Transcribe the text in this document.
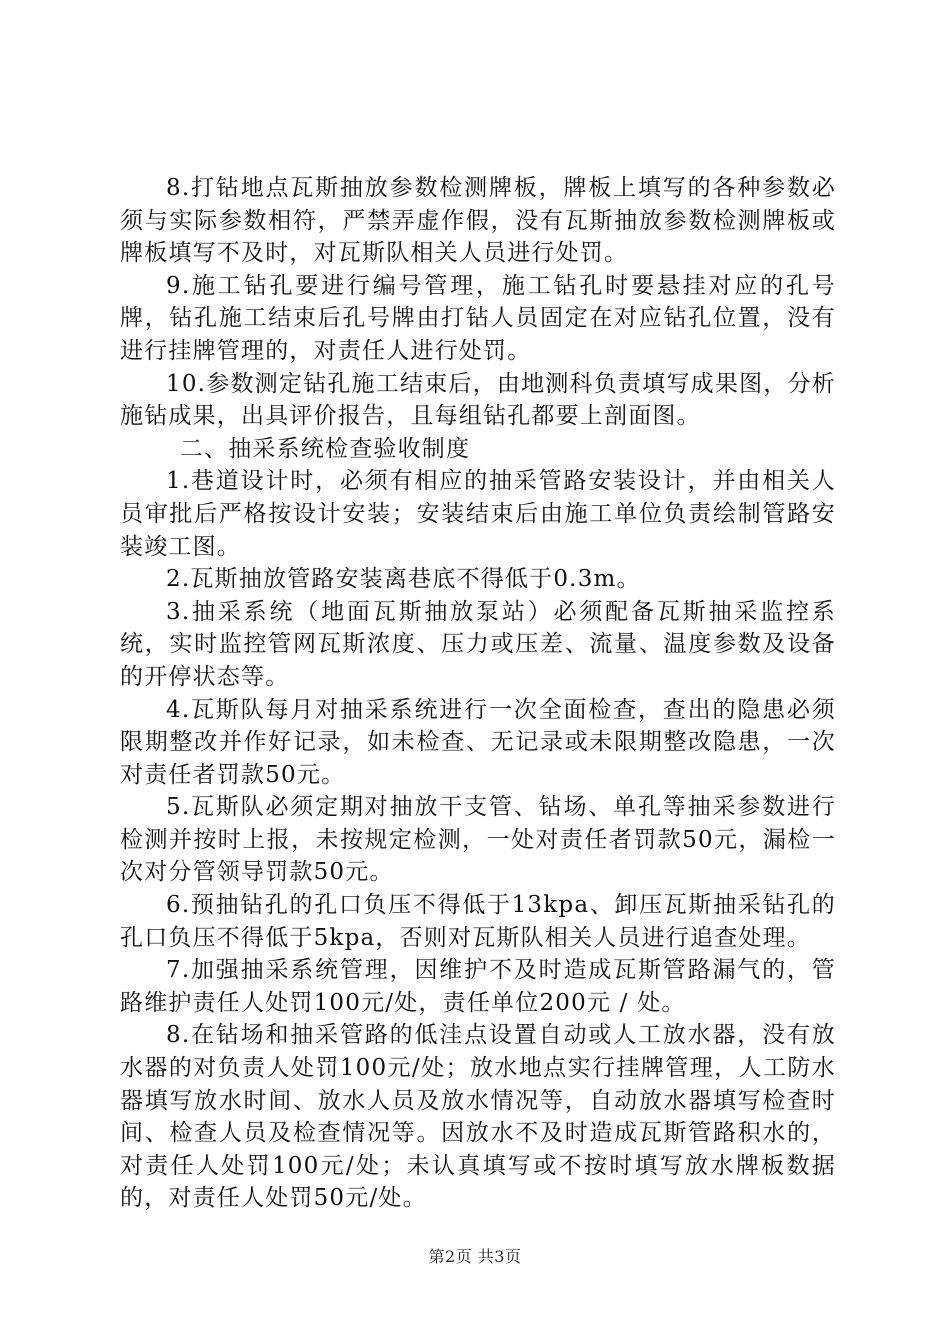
8.打钻地点瓦斯抽放参数检测牌板，牌板上填写的各种参数必须与实际参数相符，严禁弄虚作假，没有瓦斯抽放参数检测牌板或牌板填写不及时，对瓦斯队相关人员进行处罚。

9.施工钻孔要进行编号管理，施工钻孔时要悬挂对应的孔号牌，钻孔施工结束后孔号牌由打钻人员固定在对应钻孔位置，没有进行挂牌管理的，对责任人进行处罚。

10.参数测定钻孔施工结束后，由地测科负责填写成果图，分析施钻成果，出具评价报告，且每组钻孔都要上剖面图。

二、抽采系统检查验收制度

1.巷道设计时，必须有相应的抽采管路安装设计，并由相关人员审批后严格按设计安装；安装结束后由施工单位负责绘制管路安装竣工图。

2.瓦斯抽放管路安装离巷底不得低于0.3m。

3.抽采系统（地面瓦斯抽放泵站）必须配备瓦斯抽采监控系统，实时监控管网瓦斯浓度、压力或压差、流量、温度参数及设备的开停状态等。

4.瓦斯队每月对抽采系统进行一次全面检查，查出的隐患必须限期整改并作好记录，如未检查、无记录或未限期整改隐患，一次对责任者罚款50元。

5.瓦斯队必须定期对抽放干支管、钻场、单孔等抽采参数进行检测并按时上报，未按规定检测，一处对责任者罚款50元，漏检一次对分管领导罚款50元。

6.预抽钻孔的孔口负压不得低于13kpa、卸压瓦斯抽采钻孔的孔口负压不得低于5kpa，否则对瓦斯队相关人员进行追查处理。

7.加强抽采系统管理，因维护不及时造成瓦斯管路漏气的，管路维护责任人处罚100元/处，责任单位200元 / 处。

8.在钻场和抽采管路的低洼点设置自动或人工放水器，没有放水器的对负责人处罚100元/处；放水地点实行挂牌管理，人工防水器填写放水时间、放水人员及放水情况等，自动放水器填写检查时间、检查人员及检查情况等。因放水不及时造成瓦斯管路积水的，对责任人处罚100元/处；未认真填写或不按时填写放水牌板数据的，对责任人处罚50元/处。

第2页 共3页
